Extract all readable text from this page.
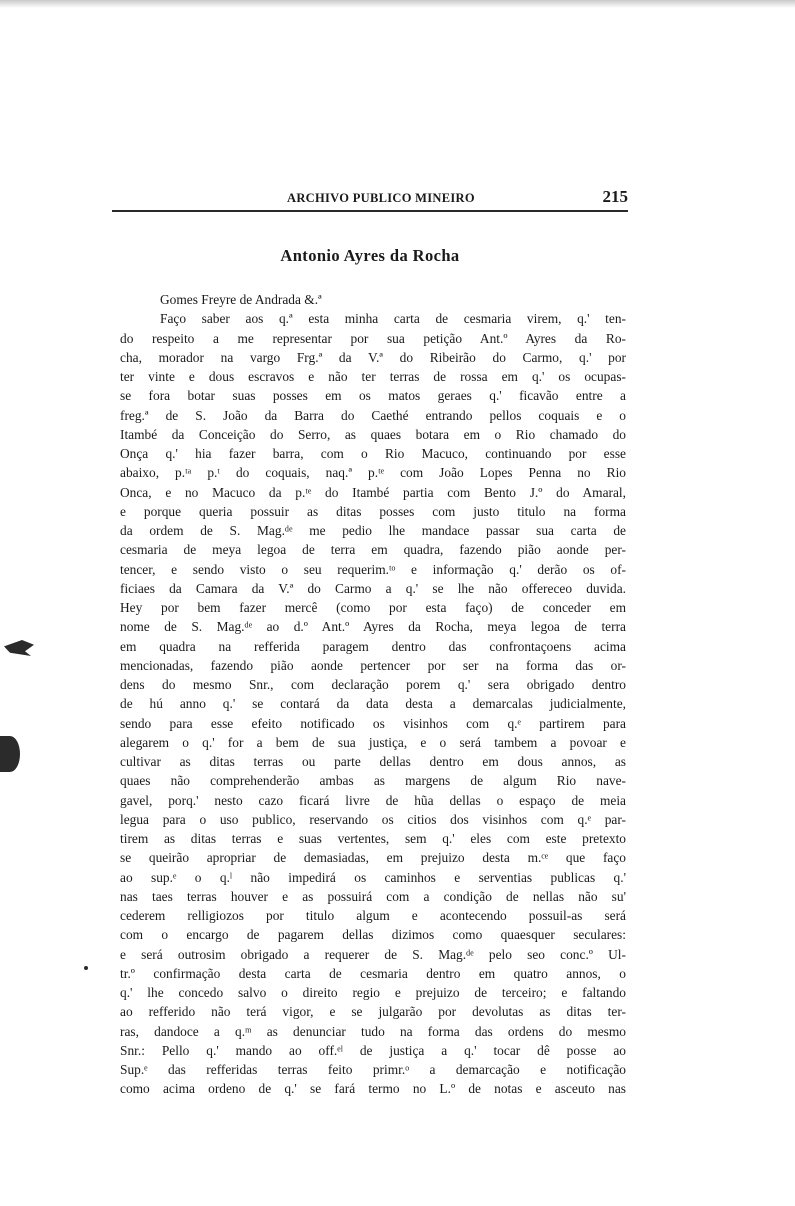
ARCHIVO PUBLICO MINEIRO	215
Antonio Ayres da Rocha
Gomes Freyre de Andrada &.ª
Faço saber aos q.ª esta minha carta de cesmaria virem, q.' ten-
do respeito a me representar por sua petição Ant.º Ayres da Ro-
cha, morador na vargo Frg.ª da V.ª do Ribeirão do Carmo, q.' por
ter vinte e dous escravos e não ter terras de rossa em q.' os ocupas-
se fora botar suas posses em os matos geraes q.' ficavão entre a
freg.ª de S. João da Barra do Caethé entrando pellos coquais e o
Itambé da Conceição do Serro, as quaes botara em o Rio chamado do
Onça q.' hia fazer barra, com o Rio Macuco, continuando por esse
abaixo, p.ᵗᵃ p.ᵗ do coquais, naq.ª p.ᵗᵉ com João Lopes Penna no Rio
Onca, e no Macuco da p.ᵗᵉ do Itambé partia com Bento J.º do Amaral,
e porque queria possuir as ditas posses com justo titulo na forma
da ordem de S. Mag.ᵈᵉ me pedio lhe mandace passar sua carta de
cesmaria de meya legoa de terra em quadra, fazendo pião aonde per-
tencer, e sendo visto o seu requerim.ᵗᵒ e informação q.' derão os of-
ficiaes da Camara da V.ª do Carmo a q.' se lhe não offereceo duvida.
Hey por bem fazer mercê (como por esta faço) de conceder em
nome de S. Mag.ᵈᵉ ao d.º Ant.º Ayres da Rocha, meya legoa de terra
em quadra na refferida paragem dentro das confrontaçoens acima
mencionadas, fazendo pião aonde pertencer por ser na forma das or-
dens do mesmo Snr., com declaração porem q.' sera obrigado dentro
de hú anno q.' se contará da data desta a demarcalas judicialmente,
sendo para esse efeito notificado os visinhos com q.ᵉ partirem para
alegarem o q.' for a bem de sua justiça, e o será tambem a povoar e
cultivar as ditas terras ou parte dellas dentro em dous annos, as
quaes não comprehenderão ambas as margens de algum Rio nave-
gavel, porq.' nesto cazo ficará livre de hũa dellas o espaço de meia
legua para o uso publico, reservando os citios dos visinhos com q.ᵉ par-
tirem as ditas terras e suas vertentes, sem q.' eles com este pretexto
se queirão apropriar de demasiadas, em prejuizo desta m.ᶜᵉ que faço
ao sup.ᵉ o q.ˡ não impedirá os caminhos e serventias publicas q.'
nas taes terras houver e as possuirá com a condição de nellas não su'
cederem relligiozos por titulo algum e acontecendo possuil-as será
com o encargo de pagarem dellas dizimos como quaesquer seculares:
e será outrosim obrigado a requerer de S. Mag.ᵈᵉ pelo seo conc.º Ul-
tr.º confirmação desta carta de cesmaria dentro em quatro annos, o
q.' lhe concedo salvo o direito regio e prejuizo de terceiro; e faltando
ao refferido não terá vigor, e se julgarão por devolutas as ditas ter-
ras, dandoce a q.ᵐ as denunciar tudo na forma das ordens do mesmo
Snr.: Pello q.' mando ao off.ᵉˡ de justiça a q.' tocar dê posse ao
Sup.ᵉ das refferidas terras feito primr.ᵒ a demarcação e notificação
como acima ordeno de q.' se fará termo no L.º de notas e asceuto nas
